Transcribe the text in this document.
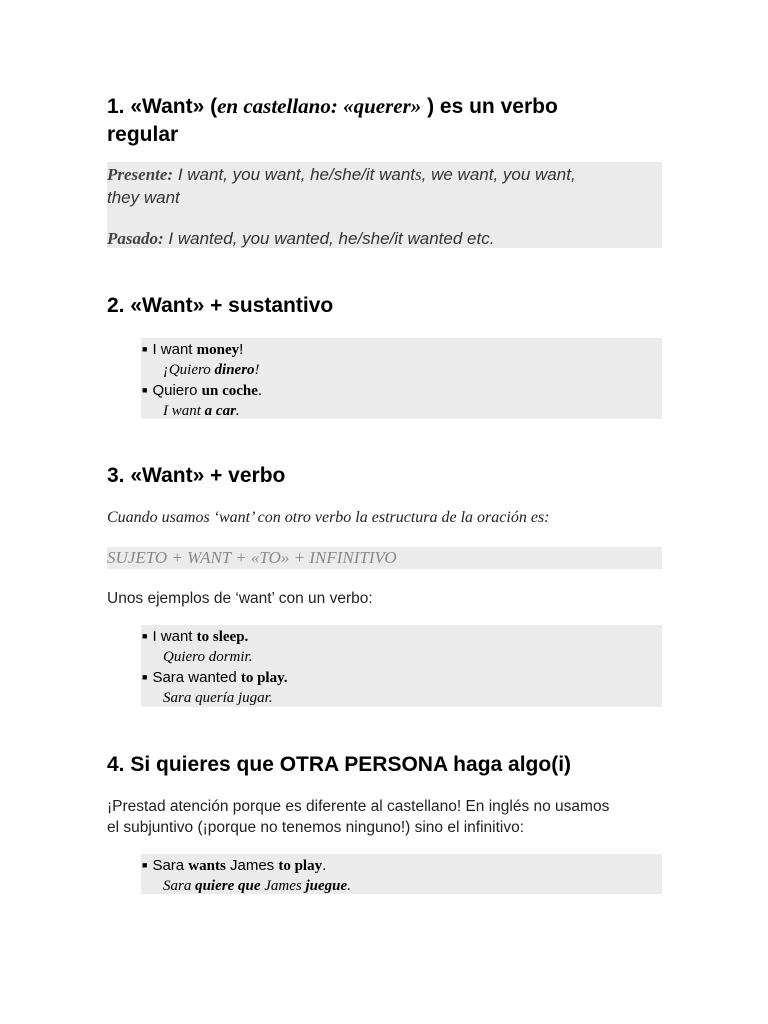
1. «Want» (en castellano: «querer» ) es un verbo
regular
Presente: I want, you want, he/she/it wants, we want, you want,
they want
Pasado: I wanted, you wanted, he/she/it wanted etc.
2. «Want» + sustantivo
■ I want money!
¡Quiero dinero!
■ Quiero un coche.
I want a car.
3. «Want» + verbo
Cuando usamos ‘want’ con otro verbo la estructura de la oración es:
SUJETO + WANT + «TO» + INFINITIVO
Unos ejemplos de ‘want’ con un verbo:
■ I want to sleep.
Quiero dormir.
■ Sara wanted to play.
Sara quería jugar.
4. Si quieres que OTRA PERSONA haga algo(i)
¡Prestad atención porque es diferente al castellano! En inglés no usamos
el subjuntivo (¡porque no tenemos ninguno!) sino el infinitivo:
■ Sara wants James to play.
Sara quiere que James juegue.
